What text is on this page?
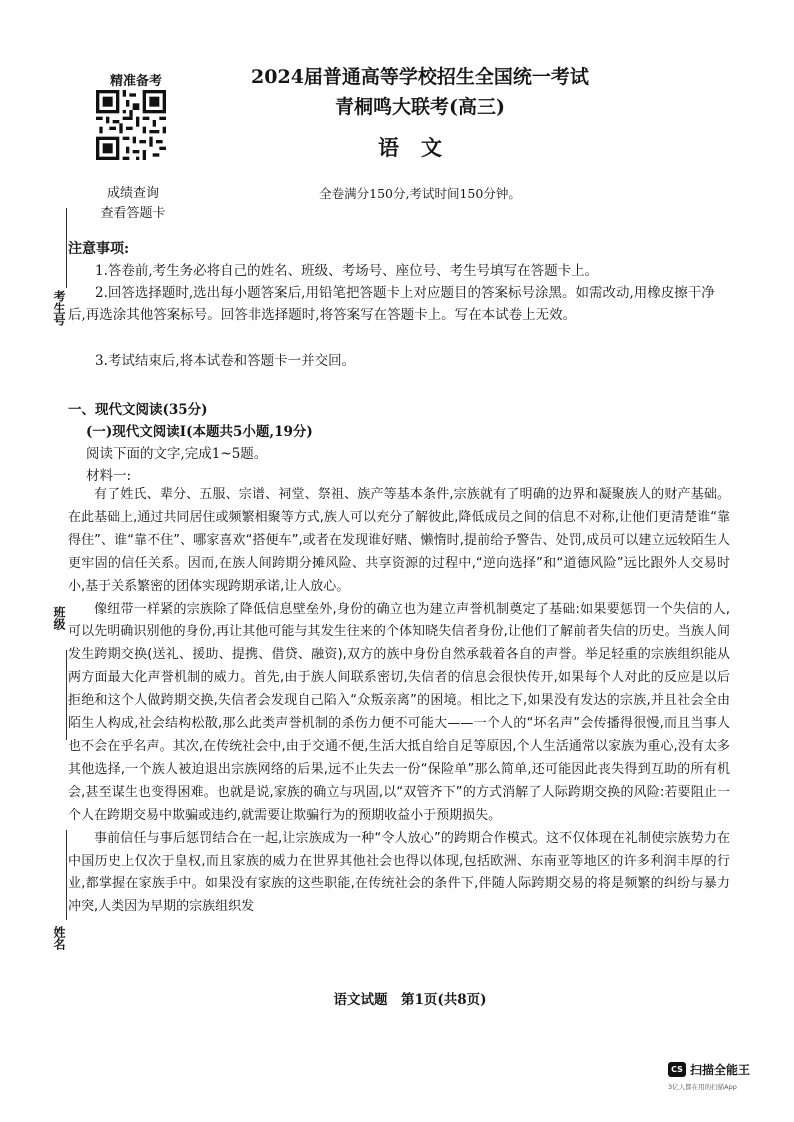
考生号
班级
姓名
精准备考
成绩查询
查看答题卡
2024届普通高等学校招生全国统一考试
青桐鸣大联考(高三)
语文
全卷满分150分,考试时间150分钟。
注意事项:
1.答卷前,考生务必将自己的姓名、班级、考场号、座位号、考生号填写在答题卡上。
2.回答选择题时,选出每小题答案后,用铅笔把答题卡上对应题目的答案标号涂黑。如需改动,用橡皮擦干净后,再选涂其他答案标号。回答非选择题时,将答案写在答题卡上。写在本试卷上无效。
3.考试结束后,将本试卷和答题卡一并交回。
一、现代文阅读(35分)
(一)现代文阅读Ⅰ(本题共5小题,19分)
阅读下面的文字,完成1~5题。
材料一:

有了姓氏、辈分、五服、宗谱、祠堂、祭祖、族产等基本条件,宗族就有了明确的边界和凝聚族人的财产基础。在此基础上,通过共同居住或频繁相聚等方式,族人可以充分了解彼此,降低成员之间的信息不对称,让他们更清楚谁“靠得住”、谁“靠不住”、哪家喜欢“搭便车”,或者在发现谁好赌、懒惰时,提前给予警告、处罚,成员可以建立远较陌生人更牢固的信任关系。因而,在族人间跨期分摊风险、共享资源的过程中,“逆向选择”和“道德风险”远比跟外人交易时小,基于关系繁密的团体实现跨期承诺,让人放心。

像纽带一样紧的宗族除了降低信息壁垒外,身份的确立也为建立声誉机制奠定了基础:如果要惩罚一个失信的人,可以先明确识别他的身份,再让其他可能与其发生往来的个体知晓失信者身份,让他们了解前者失信的历史。当族人间发生跨期交换(送礼、援助、提携、借贷、融资),双方的族中身份自然承载着各自的声誉。举足轻重的宗族组织能从两方面最大化声誉机制的威力。首先,由于族人间联系密切,失信者的信息会很快传开,如果每个人对此的反应是以后拒绝和这个人做跨期交换,失信者会发现自己陷入“众叛亲离”的困境。相比之下,如果没有发达的宗族,并且社会全由陌生人构成,社会结构松散,那么此类声誉机制的杀伤力便不可能大——一个人的“坏名声”会传播得很慢,而且当事人也不会在乎名声。其次,在传统社会中,由于交通不便,生活大抵自给自足等原因,个人生活通常以家族为重心,没有太多其他选择,一个族人被迫退出宗族网络的后果,远不止失去一份“保险单”那么简单,还可能因此丧失得到互助的所有机会,甚至谋生也变得困难。也就是说,家族的确立与巩固,以“双管齐下”的方式消解了人际跨期交换的风险:若要阻止一个人在跨期交易中欺骗或违约,就需要让欺骗行为的预期收益小于预期损失。

事前信任与事后惩罚结合在一起,让宗族成为一种“令人放心”的跨期合作模式。这不仅体现在礼制使宗族势力在中国历史上仅次于皇权,而且家族的威力在世界其他社会也得以体现,包括欧洲、东南亚等地区的许多利润丰厚的行业,都掌握在家族手中。如果没有家族的这些职能,在传统社会的条件下,伴随人际跨期交易的将是频繁的纠纷与暴力冲突,人类因为早期的宗族组织发

语文试题　第1页(共8页)
CS 扫描全能王
3亿人都在用的扫描App
